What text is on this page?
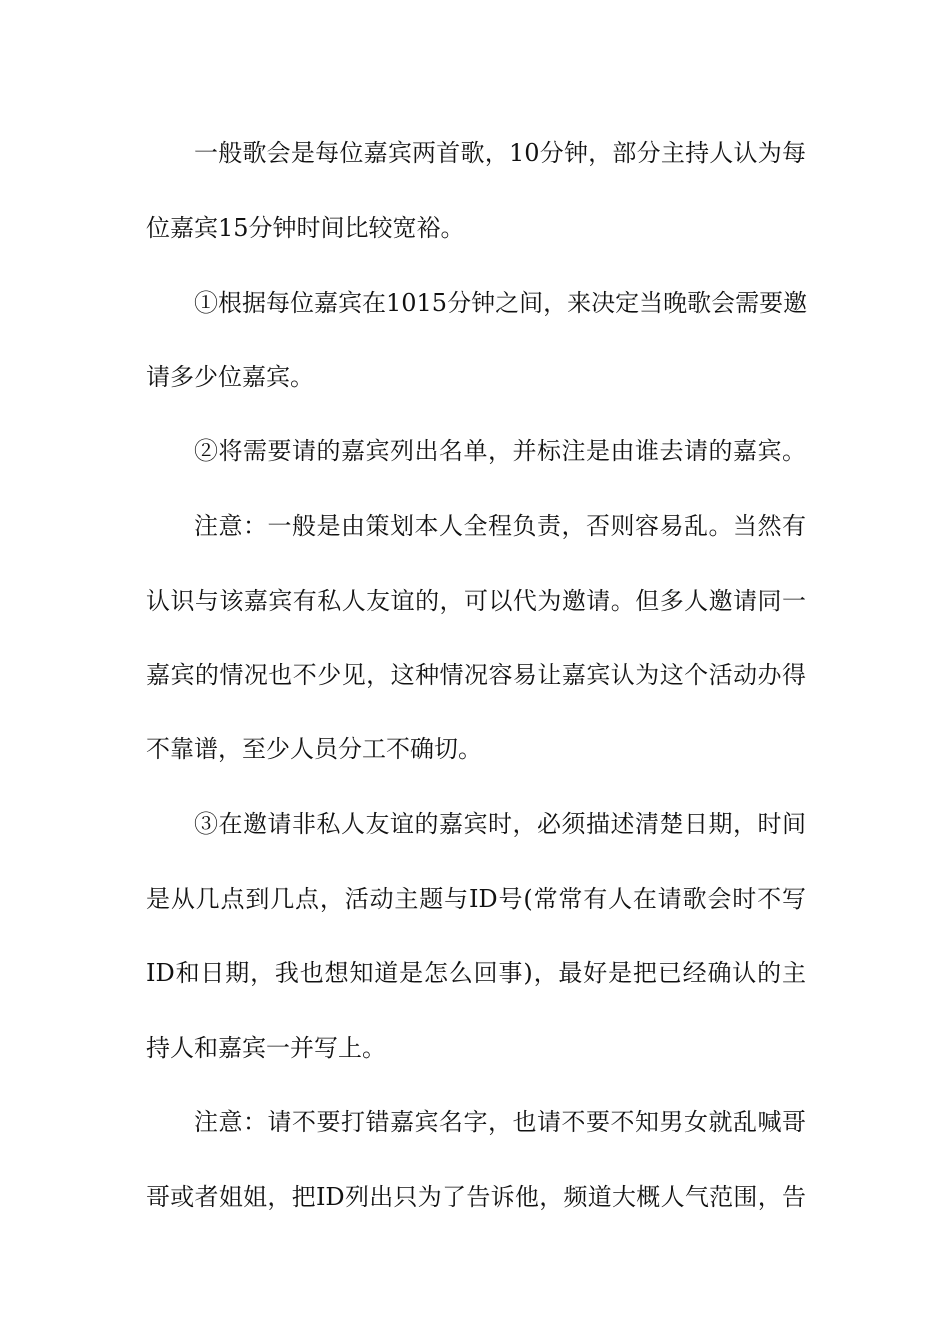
一般歌会是每位嘉宾两首歌，10分钟，部分主持人认为每
位嘉宾15分钟时间比较宽裕。
①根据每位嘉宾在1015分钟之间，来决定当晚歌会需要邀
请多少位嘉宾。
②将需要请的嘉宾列出名单，并标注是由谁去请的嘉宾。
注意：一般是由策划本人全程负责，否则容易乱。当然有
认识与该嘉宾有私人友谊的，可以代为邀请。但多人邀请同一
嘉宾的情况也不少见，这种情况容易让嘉宾认为这个活动办得
不靠谱，至少人员分工不确切。
③在邀请非私人友谊的嘉宾时，必须描述清楚日期，时间
是从几点到几点，活动主题与ID号(常常有人在请歌会时不写
ID和日期，我也想知道是怎么回事)，最好是把已经确认的主
持人和嘉宾一并写上。
注意：请不要打错嘉宾名字，也请不要不知男女就乱喊哥
哥或者姐姐，把ID列出只为了告诉他，频道大概人气范围，告
